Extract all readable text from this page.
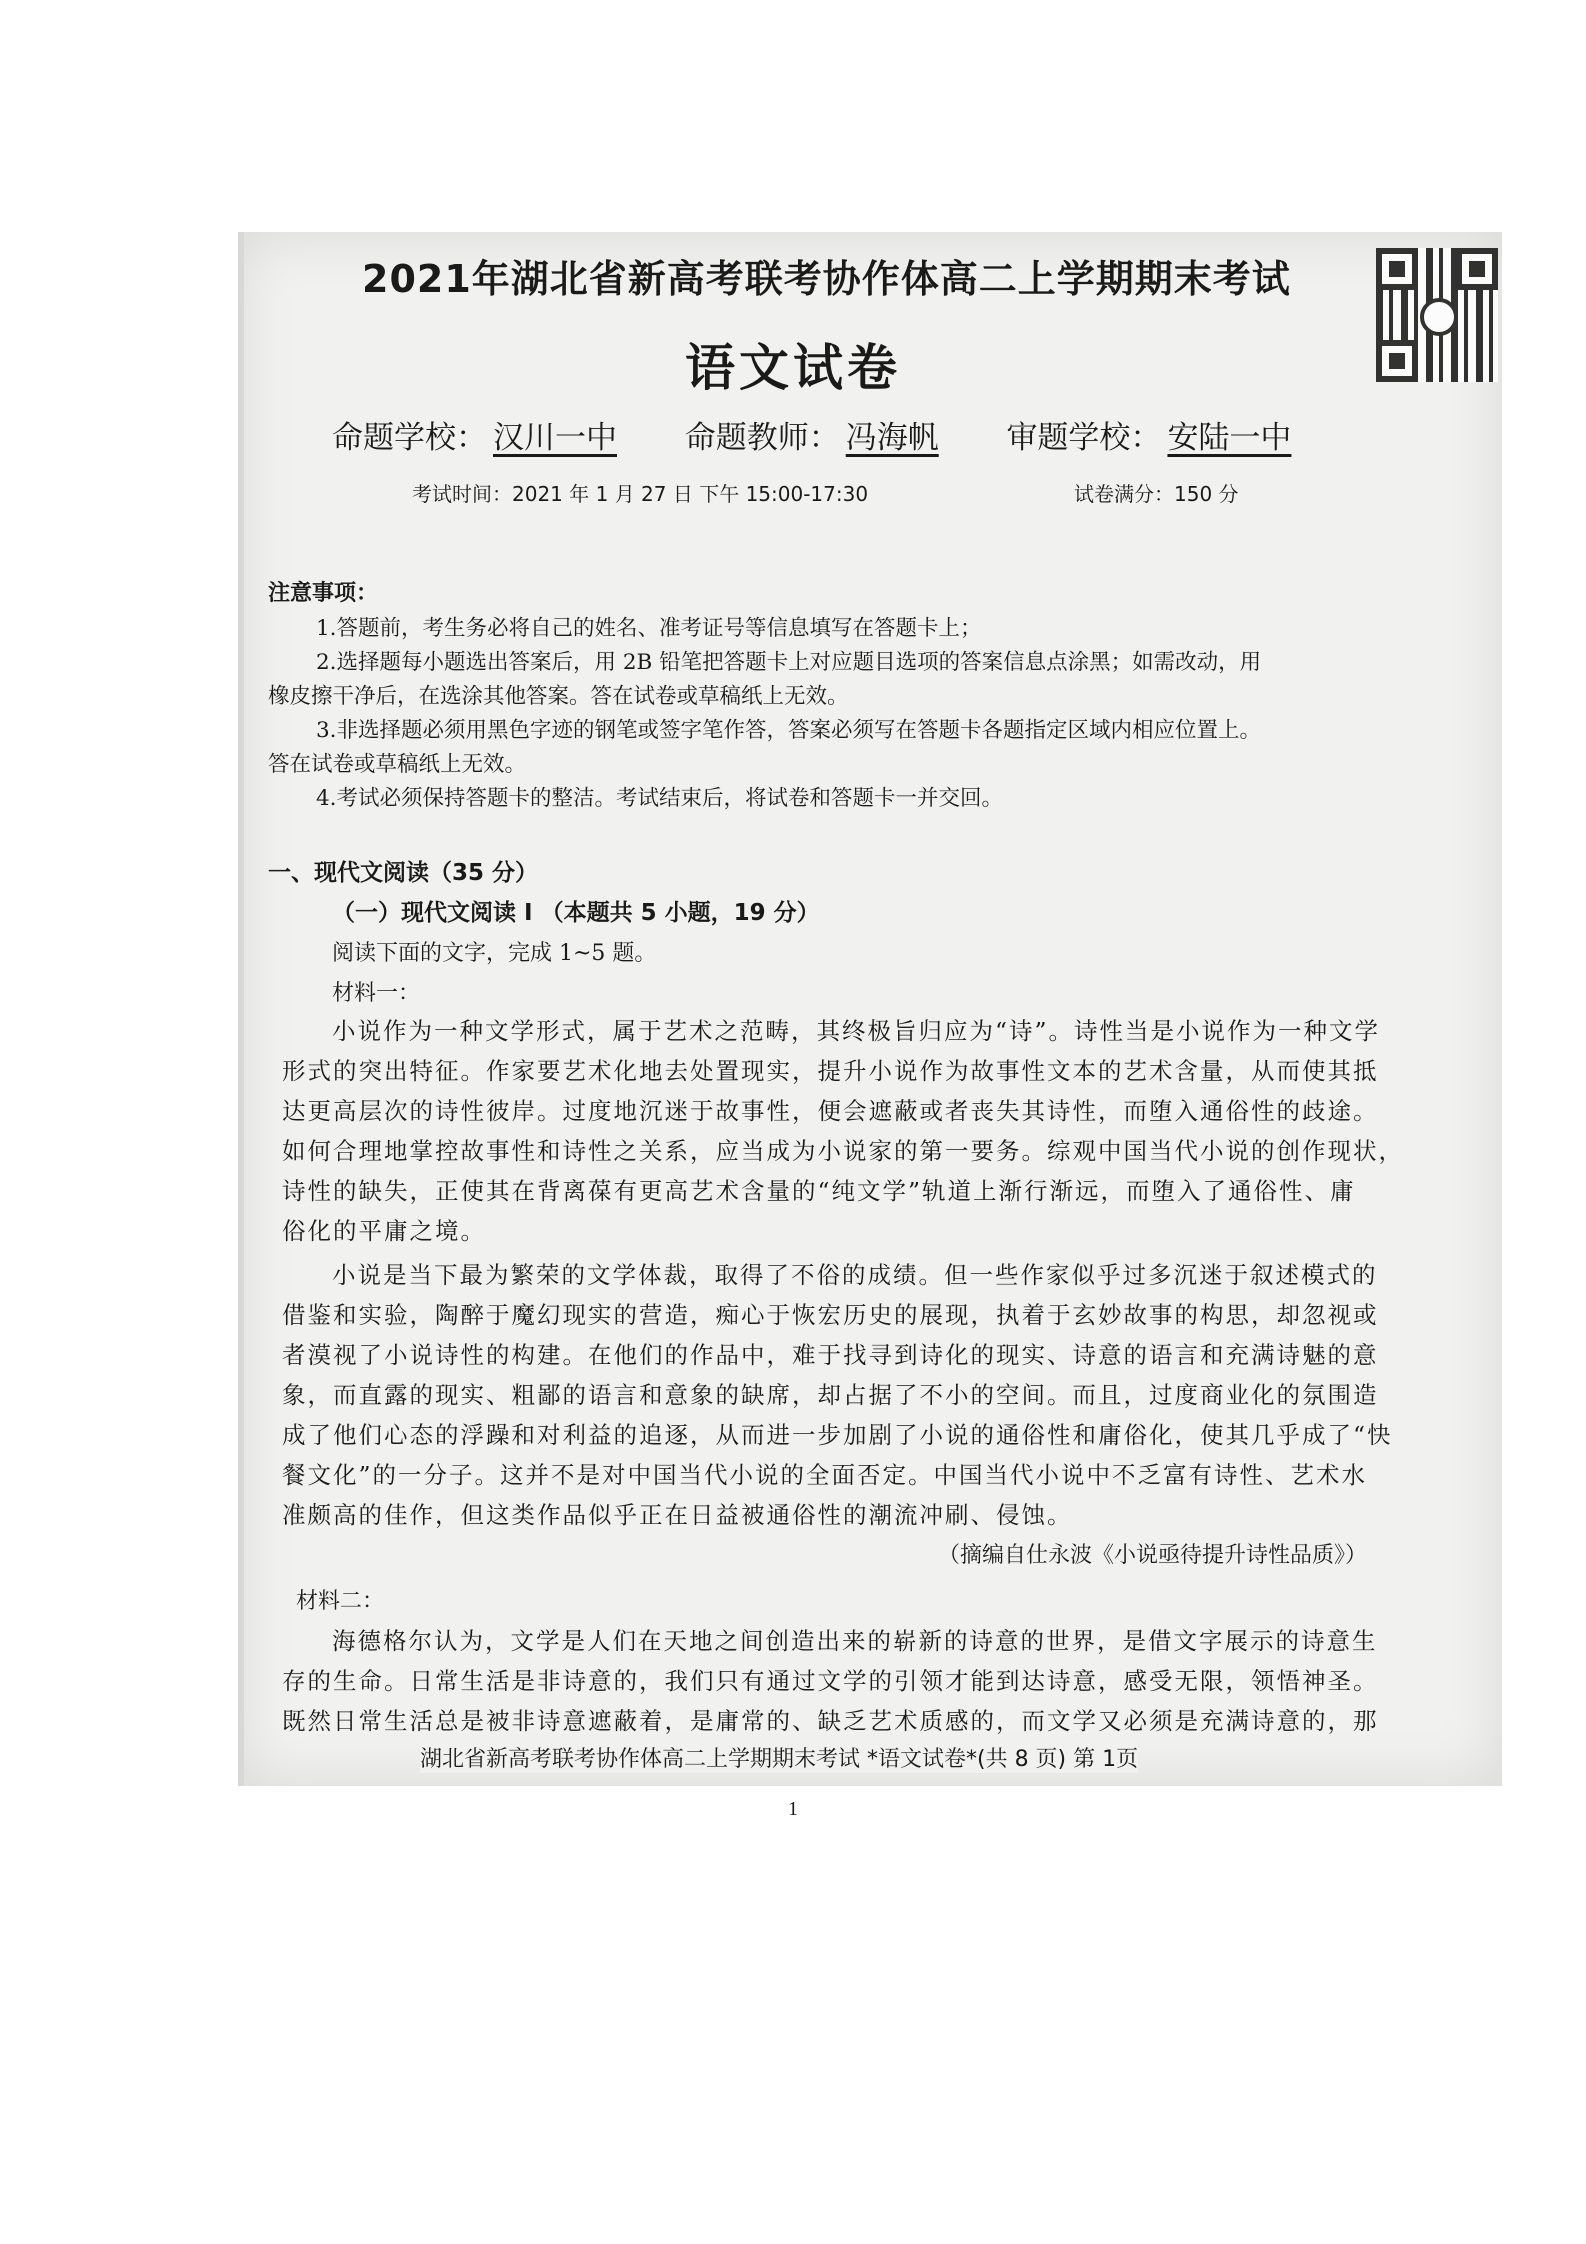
2021年湖北省新高考联考协作体高二上学期期末考试
语文试卷
命题学校： 汉川一中 命题教师： 冯海帆 审题学校： 安陆一中
考试时间：2021 年 1 月 27 日 下午 15:00-17:30	试卷满分：150 分
注意事项：
1.答题前，考生务必将自己的姓名、准考证号等信息填写在答题卡上；
2.选择题每小题选出答案后，用 2B 铅笔把答题卡上对应题目选项的答案信息点涂黑；如需改动，用
橡皮擦干净后，在选涂其他答案。答在试卷或草稿纸上无效。
3.非选择题必须用黑色字迹的钢笔或签字笔作答，答案必须写在答题卡各题指定区域内相应位置上。
答在试卷或草稿纸上无效。
4.考试必须保持答题卡的整洁。考试结束后，将试卷和答题卡一并交回。
一、现代文阅读（35 分）
（一）现代文阅读 I （本题共 5 小题，19 分）
阅读下面的文字，完成 1~5 题。
材料一：
小说作为一种文学形式，属于艺术之范畴，其终极旨归应为“诗”。诗性当是小说作为一种文学
形式的突出特征。作家要艺术化地去处置现实，提升小说作为故事性文本的艺术含量，从而使其抵
达更高层次的诗性彼岸。过度地沉迷于故事性，便会遮蔽或者丧失其诗性，而堕入通俗性的歧途。
如何合理地掌控故事性和诗性之关系，应当成为小说家的第一要务。综观中国当代小说的创作现状，
诗性的缺失，正使其在背离葆有更高艺术含量的“纯文学”轨道上渐行渐远，而堕入了通俗性、庸
俗化的平庸之境。
小说是当下最为繁荣的文学体裁，取得了不俗的成绩。但一些作家似乎过多沉迷于叙述模式的
借鉴和实验，陶醉于魔幻现实的营造，痴心于恢宏历史的展现，执着于玄妙故事的构思，却忽视或
者漠视了小说诗性的构建。在他们的作品中，难于找寻到诗化的现实、诗意的语言和充满诗魅的意
象，而直露的现实、粗鄙的语言和意象的缺席，却占据了不小的空间。而且，过度商业化的氛围造
成了他们心态的浮躁和对利益的追逐，从而进一步加剧了小说的通俗性和庸俗化，使其几乎成了“快
餐文化”的一分子。这并不是对中国当代小说的全面否定。中国当代小说中不乏富有诗性、艺术水
准颇高的佳作，但这类作品似乎正在日益被通俗性的潮流冲刷、侵蚀。
（摘编自仕永波《小说亟待提升诗性品质》）
材料二：
海德格尔认为，文学是人们在天地之间创造出来的崭新的诗意的世界，是借文字展示的诗意生
存的生命。日常生活是非诗意的，我们只有通过文学的引领才能到达诗意，感受无限，领悟神圣。
既然日常生活总是被非诗意遮蔽着，是庸常的、缺乏艺术质感的，而文学又必须是充满诗意的，那
湖北省新高考联考协作体高二上学期期末考试 *语文试卷*(共 8 页) 第 1页
1
